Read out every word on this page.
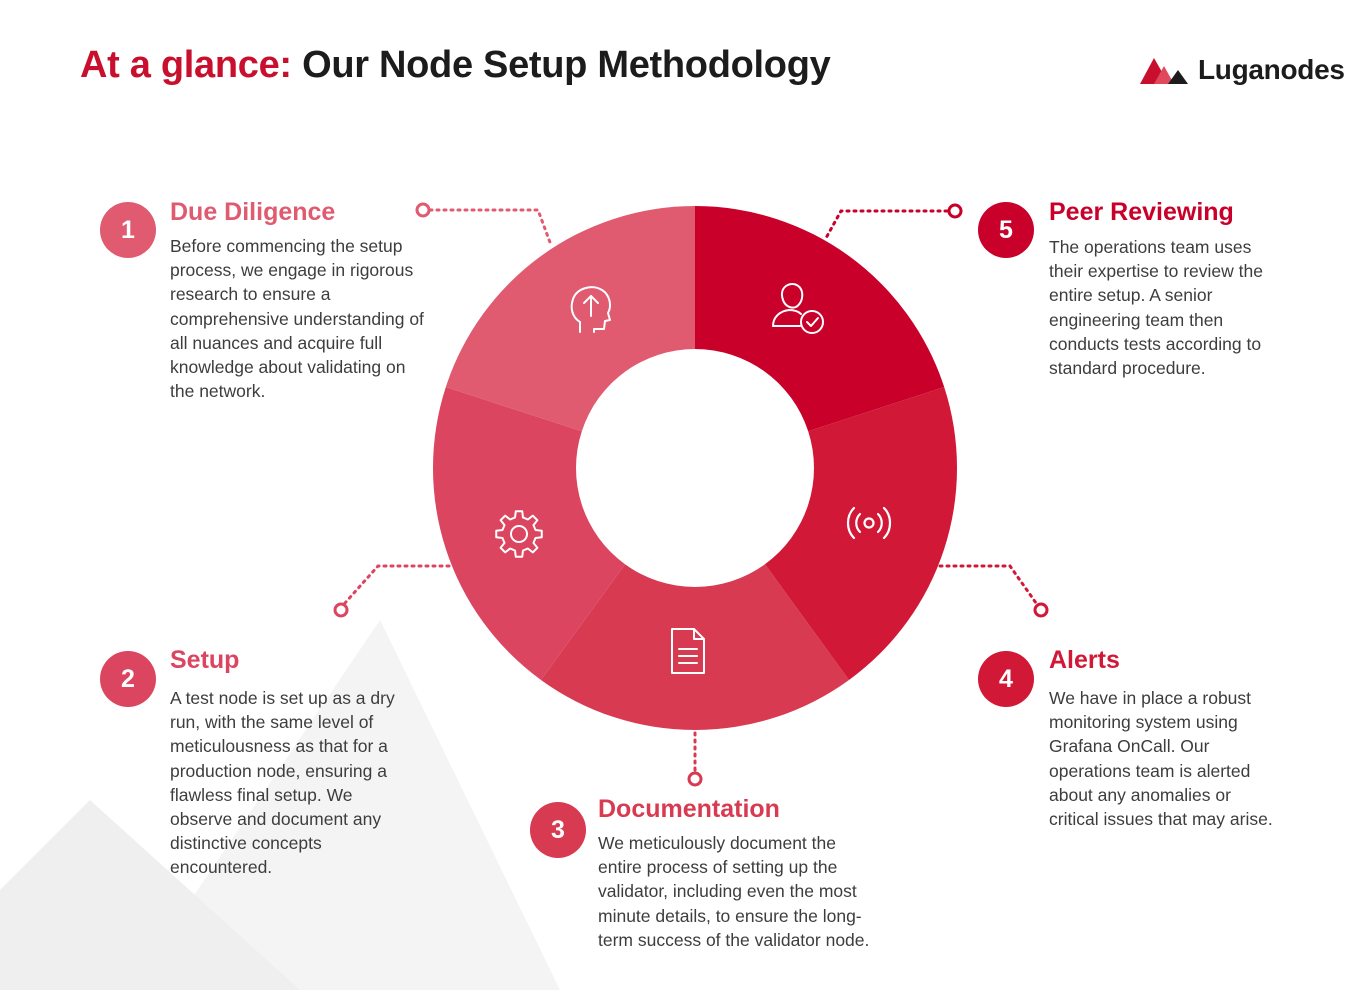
At a glance: Our Node Setup Methodology	Luganodes
1
Due Diligence

Before commencing the setup process, we engage in rigorous research to ensure a comprehensive understanding of all nuances and acquire full knowledge about validating on the network.

5
Peer Reviewing

The operations team uses their expertise to review the entire setup. A senior engineering team then conducts tests according to standard procedure.

2
Setup

A test node is set up as a dry run, with the same level of meticulousness as that for a production node, ensuring a flawless final setup. We observe and document any distinctive concepts encountered.

4
Alerts

We have in place a robust monitoring system using Grafana OnCall. Our operations team is alerted about any anomalies or critical issues that may arise.

3
Documentation

We meticulously document the entire process of setting up the validator, including even the most minute details, to ensure the long-term success of the validator node.
